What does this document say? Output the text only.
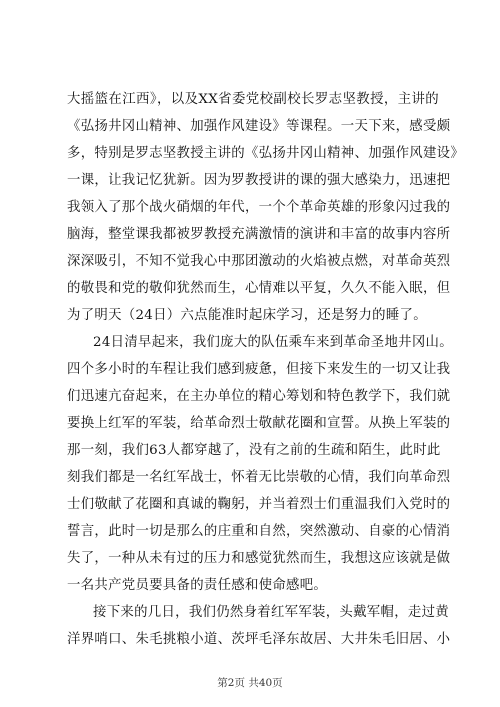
大摇篮在江西》，以及XX省委党校副校长罗志坚教授，主讲的
《弘扬井冈山精神、加强作风建设》等课程。一天下来，感受颇
多，特别是罗志坚教授主讲的《弘扬井冈山精神、加强作风建设》
一课，让我记忆犹新。因为罗教授讲的课的强大感染力，迅速把
我领入了那个战火硝烟的年代，一个个革命英雄的形象闪过我的
脑海，整堂课我都被罗教授充满激情的演讲和丰富的故事内容所
深深吸引，不知不觉我心中那团激动的火焰被点燃，对革命英烈
的敬畏和党的敬仰犹然而生，心情难以平复，久久不能入眠，但
为了明天（24日）六点能准时起床学习，还是努力的睡了。
24日清早起来，我们庞大的队伍乘车来到革命圣地井冈山。
四个多小时的车程让我们感到疲惫，但接下来发生的一切又让我
们迅速亢奋起来，在主办单位的精心筹划和特色教学下，我们就
要换上红军的军装，给革命烈士敬献花圈和宣誓。从换上军装的
那一刻，我们63人都穿越了，没有之前的生疏和陌生，此时此
刻我们都是一名红军战士，怀着无比崇敬的心情，我们向革命烈
士们敬献了花圈和真诚的鞠躬，并当着烈士们重温我们入党时的
誓言，此时一切是那么的庄重和自然，突然激动、自豪的心情消
失了，一种从未有过的压力和感觉犹然而生，我想这应该就是做
一名共产党员要具备的责任感和使命感吧。
接下来的几日，我们仍然身着红军军装，头戴军帽，走过黄
洋界哨口、朱毛挑粮小道、茨坪毛泽东故居、大井朱毛旧居、小
第2页 共40页
